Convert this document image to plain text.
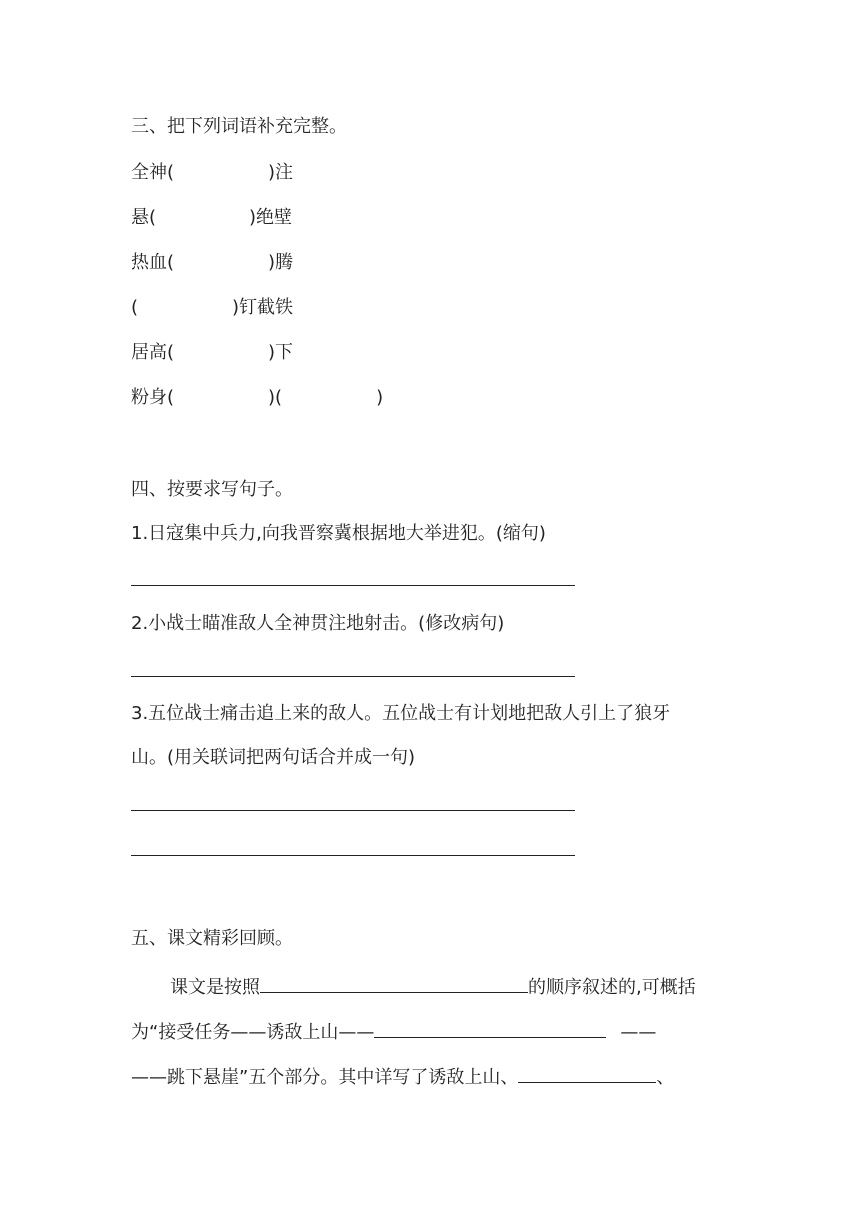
三、把下列词语补充完整。
全神(	)注
悬(	)绝壁
热血(	)腾
(	)钉截铁
居高(	)下
粉身(	)(	)
四、按要求写句子。
1.日寇集中兵力,向我晋察冀根据地大举进犯。(缩句)
2.小战士瞄准敌人全神贯注地射击。(修改病句)
3.五位战士痛击追上来的敌人。五位战士有计划地把敌人引上了狼牙
山。(用关联词把两句话合并成一句)
五、课文精彩回顾。
课文是按照	的顺序叙述的,可概括
为“接受任务——诱敌上山——	——
——跳下悬崖”五个部分。其中详写了诱敌上山、	、
